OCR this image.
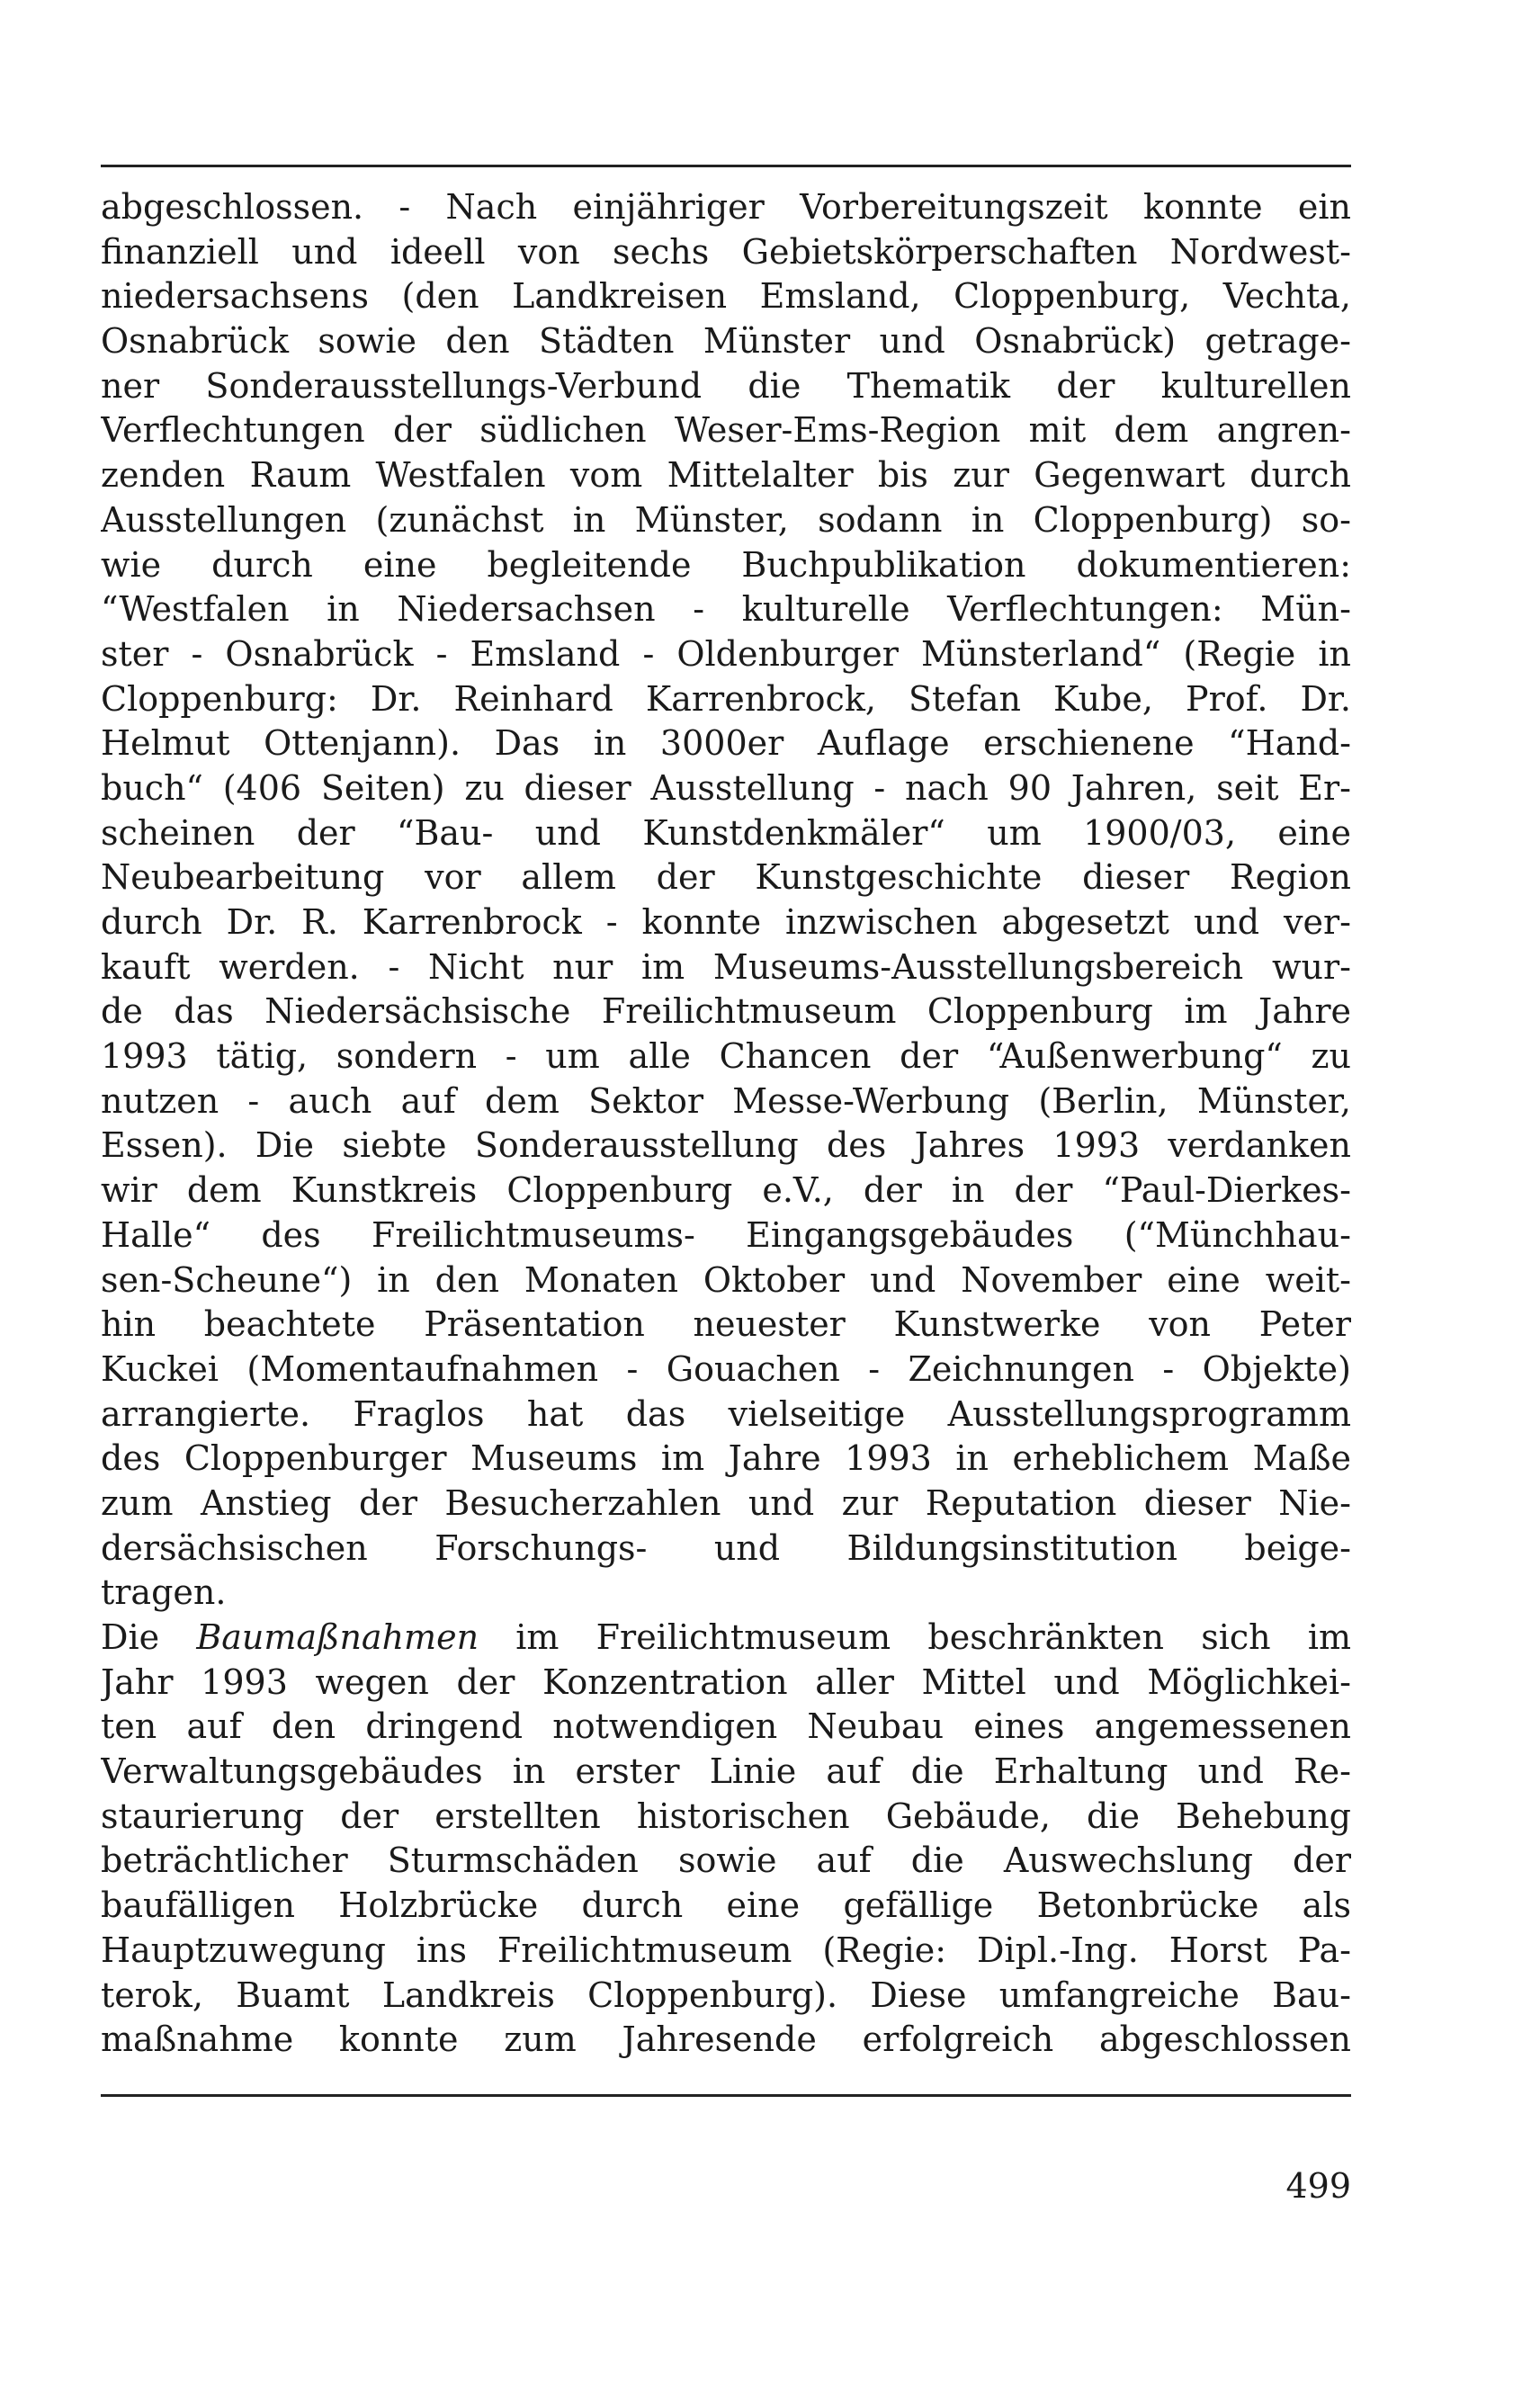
abgeschlossen. - Nach einjähriger Vorbereitungszeit konnte ein
finanziell und ideell von sechs Gebietskörperschaften Nordwest-
niedersachsens (den Landkreisen Emsland, Cloppenburg, Vechta,
Osnabrück sowie den Städten Münster und Osnabrück) getrage-
ner Sonderausstellungs-Verbund die Thematik der kulturellen
Verflechtungen der südlichen Weser-Ems-Region mit dem angren-
zenden Raum Westfalen vom Mittelalter bis zur Gegenwart durch
Ausstellungen (zunächst in Münster, sodann in Cloppenburg) so-
wie durch eine begleitende Buchpublikation dokumentieren:
“Westfalen in Niedersachsen - kulturelle Verflechtungen: Mün-
ster - Osnabrück - Emsland - Oldenburger Münsterland“ (Regie in
Cloppenburg: Dr. Reinhard Karrenbrock, Stefan Kube, Prof. Dr.
Helmut Ottenjann). Das in 3000er Auflage erschienene “Hand-
buch“ (406 Seiten) zu dieser Ausstellung - nach 90 Jahren, seit Er-
scheinen der “Bau- und Kunstdenkmäler“ um 1900/03, eine
Neubearbeitung vor allem der Kunstgeschichte dieser Region
durch Dr. R. Karrenbrock - konnte inzwischen abgesetzt und ver-
kauft werden. - Nicht nur im Museums-Ausstellungsbereich wur-
de das Niedersächsische Freilichtmuseum Cloppenburg im Jahre
1993 tätig, sondern - um alle Chancen der “Außenwerbung“ zu
nutzen - auch auf dem Sektor Messe-Werbung (Berlin, Münster,
Essen). Die siebte Sonderausstellung des Jahres 1993 verdanken
wir dem Kunstkreis Cloppenburg e.V., der in der “Paul-Dierkes-
Halle“ des Freilichtmuseums- Eingangsgebäudes (“Münchhau-
sen-Scheune“) in den Monaten Oktober und November eine weit-
hin beachtete Präsentation neuester Kunstwerke von Peter
Kuckei (Momentaufnahmen - Gouachen - Zeichnungen - Objekte)
arrangierte. Fraglos hat das vielseitige Ausstellungsprogramm
des Cloppenburger Museums im Jahre 1993 in erheblichem Maße
zum Anstieg der Besucherzahlen und zur Reputation dieser Nie-
dersächsischen Forschungs- und Bildungsinstitution beige-
tragen.
Die Baumaßnahmen im Freilichtmuseum beschränkten sich im
Jahr 1993 wegen der Konzentration aller Mittel und Möglichkei-
ten auf den dringend notwendigen Neubau eines angemessenen
Verwaltungsgebäudes in erster Linie auf die Erhaltung und Re-
staurierung der erstellten historischen Gebäude, die Behebung
beträchtlicher Sturmschäden sowie auf die Auswechslung der
baufälligen Holzbrücke durch eine gefällige Betonbrücke als
Hauptzuwegung ins Freilichtmuseum (Regie: Dipl.-Ing. Horst Pa-
terok, Buamt Landkreis Cloppenburg). Diese umfangreiche Bau-
maßnahme konnte zum Jahresende erfolgreich abgeschlossen
499
